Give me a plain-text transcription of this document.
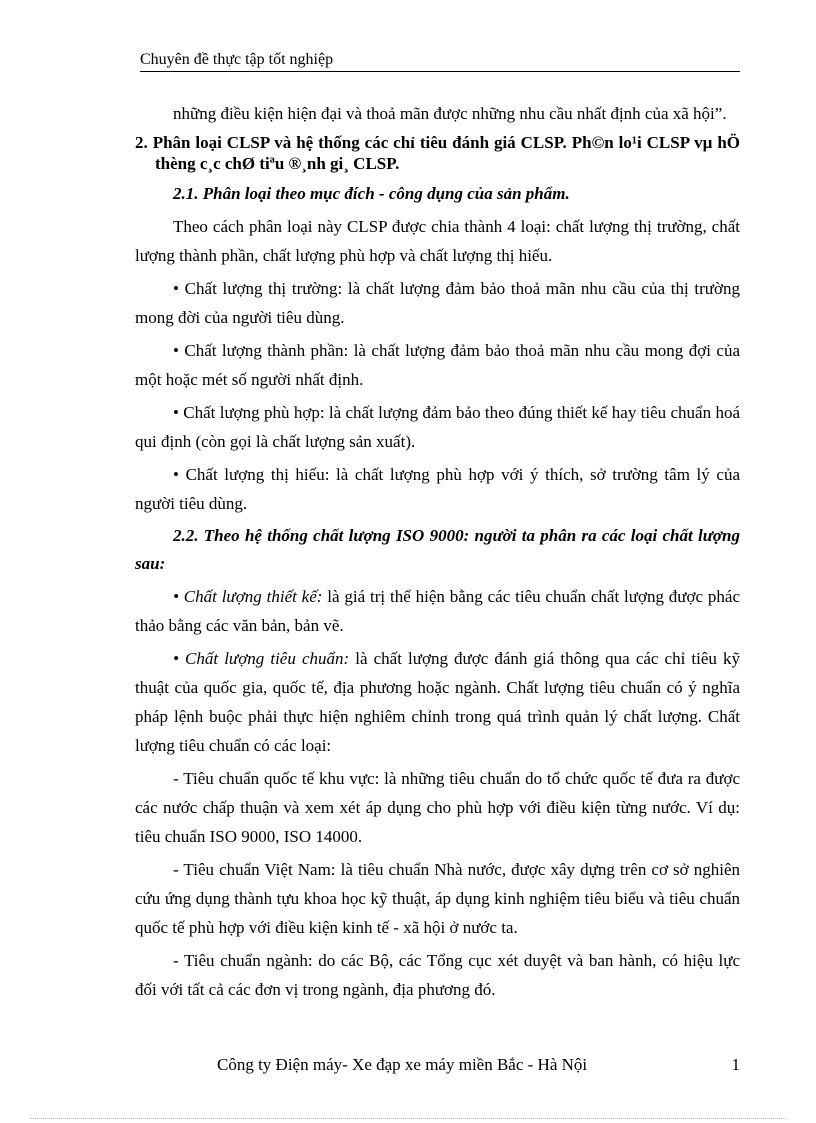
Chuyên đề thực tập tốt nghiệp

những điều kiện hiện đại và thoả mãn được những nhu cầu nhất định của xã hội”.

2. Phân loại CLSP và hệ thống các chỉ tiêu đánh giá CLSP. Ph©n lo¹i CLSP vµ hÖ thèng c¸c chØ tiªu ®¸nh gi¸ CLSP.

2.1. Phân loại theo mục đích - công dụng của sản phẩm.

Theo cách phân loại này CLSP được chia thành 4 loại: chất lượng thị trường, chất lượng thành phần, chất lượng phù hợp và chất lượng thị hiếu.

• Chất lượng thị trường: là chất lượng đảm bảo thoả mãn nhu cầu của thị trường mong đời của người tiêu dùng.

• Chất lượng thành phần: là chất lượng đảm bảo thoả mãn nhu cầu mong đợi của một hoặc mét số người nhất định.

• Chất lượng phù hợp: là chất lượng đảm bảo theo đúng thiết kế hay tiêu chuẩn hoá qui định (còn gọi là chất lượng sản xuất).

• Chất lượng thị hiếu: là chất lượng phù hợp với ý thích, sở trường tâm lý của người tiêu dùng.

2.2. Theo hệ thống chất lượng ISO 9000: người ta phân ra các loại chất lượng sau:

• Chất lượng thiết kế: là giá trị thể hiện bằng các tiêu chuẩn chất lượng được phác thảo bằng các văn bản, bản vẽ.

• Chất lượng tiêu chuẩn: là chất lượng được đánh giá thông qua các chỉ tiêu kỹ thuật của quốc gia, quốc tế, địa phương hoặc ngành. Chất lượng tiêu chuẩn có ý nghĩa pháp lệnh buộc phải thực hiện nghiêm chỉnh trong quá trình quản lý chất lượng. Chất lượng tiêu chuẩn có các loại:

- Tiêu chuẩn quốc tế khu vực: là những tiêu chuẩn do tổ chức quốc tế đưa ra được các nước chấp thuận và xem xét áp dụng cho phù hợp với điều kiện từng nước. Ví dụ: tiêu chuẩn ISO 9000, ISO 14000.

- Tiêu chuẩn Việt Nam: là tiêu chuẩn Nhà nước, được xây dựng trên cơ sở nghiên cứu ứng dụng thành tựu khoa học kỹ thuật, áp dụng kinh nghiệm tiêu biểu và tiêu chuẩn quốc tế phù hợp với điều kiện kinh tế - xã hội ở nước ta.

- Tiêu chuẩn ngành: do các Bộ, các Tổng cục xét duyệt và ban hành, có hiệu lực đối với tất cả các đơn vị trong ngành, địa phương đó.

Công ty Điện máy- Xe đạp xe máy miền Bắc - Hà Nội	1
